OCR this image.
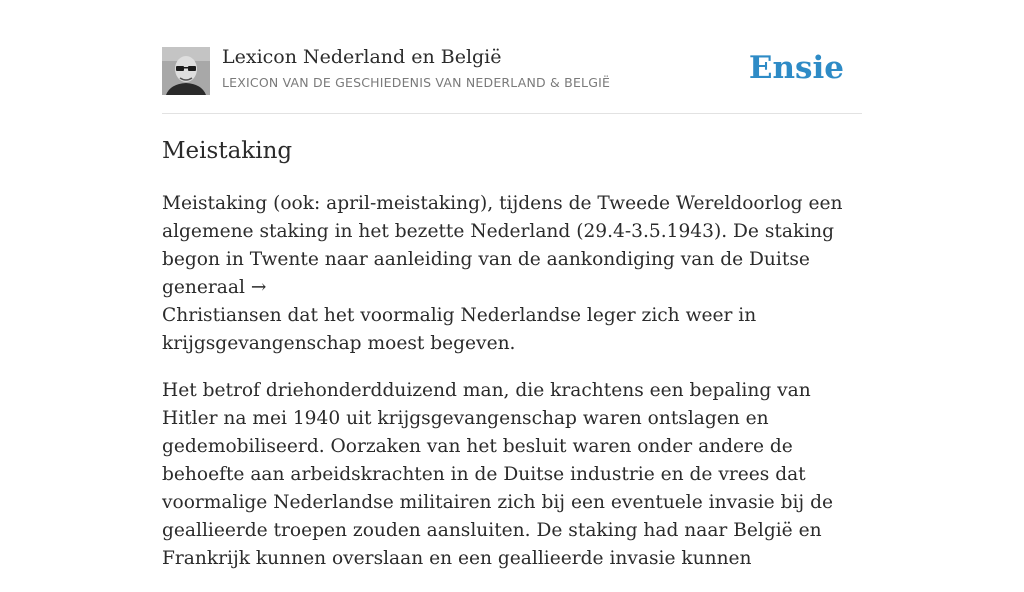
Lexicon Nederland en België
LEXICON VAN DE GESCHIEDENIS VAN NEDERLAND & BELGIË	Ensie
Meistaking

Meistaking (ook: april-meistaking), tijdens de Tweede Wereldoorlog een algemene staking in het bezette Nederland (29.4-3.5.1943). De staking begon in Twente naar aanleiding van de aankondiging van de Duitse generaal →
Christiansen dat het voormalig Nederlandse leger zich weer in krijgsgevangenschap moest begeven.

Het betrof driehonderdduizend man, die krachtens een bepaling van Hitler na mei 1940 uit krijgsgevangenschap waren ontslagen en gedemobiliseerd. Oorzaken van het besluit waren onder andere de behoefte aan arbeidskrachten in de Duitse industrie en de vrees dat voormalige Nederlandse militairen zich bij een eventuele invasie bij de geallieerde troepen zouden aansluiten. De staking had naar België en Frankrijk kunnen overslaan en een geallieerde invasie kunnen
